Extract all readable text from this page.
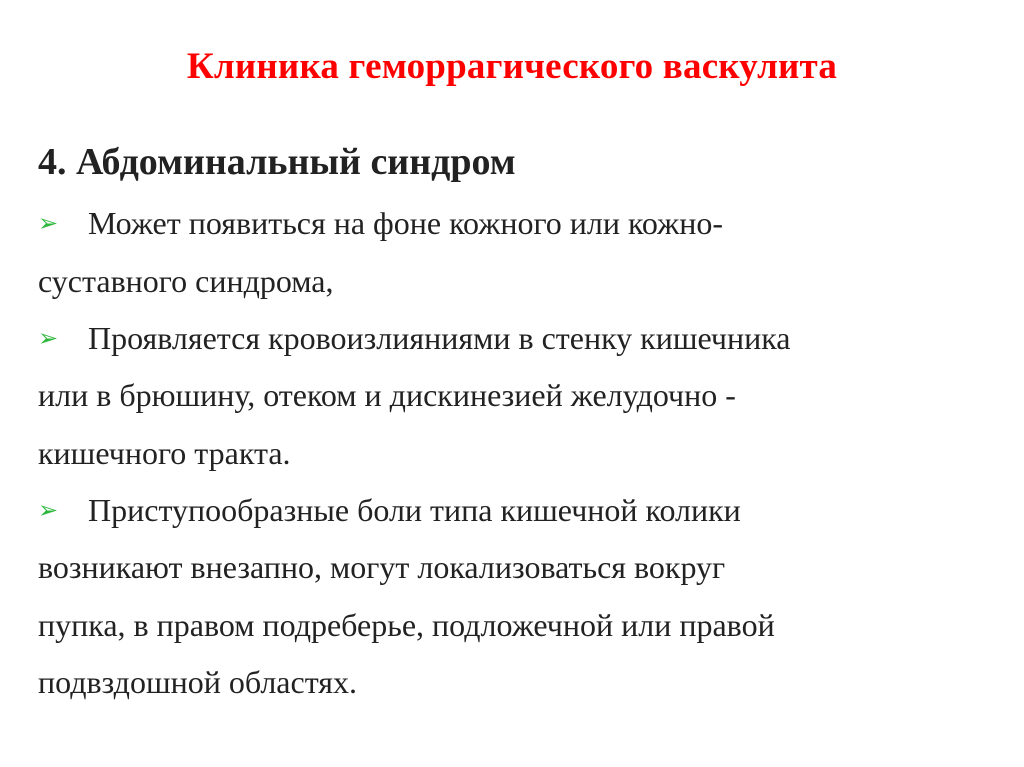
Клиника геморрагического васкулита
4. Абдоминальный синдром
➢ Может появиться на фоне кожного или кожно-
суставного синдрома,
➢ Проявляется кровоизлияниями в стенку кишечника
или в брюшину, отеком и дискинезией желудочно -
кишечного тракта.
➢ Приступообразные боли типа кишечной колики
возникают внезапно, могут локализоваться вокруг
пупка, в правом подреберье, подложечной или правой
подвздошной областях.
